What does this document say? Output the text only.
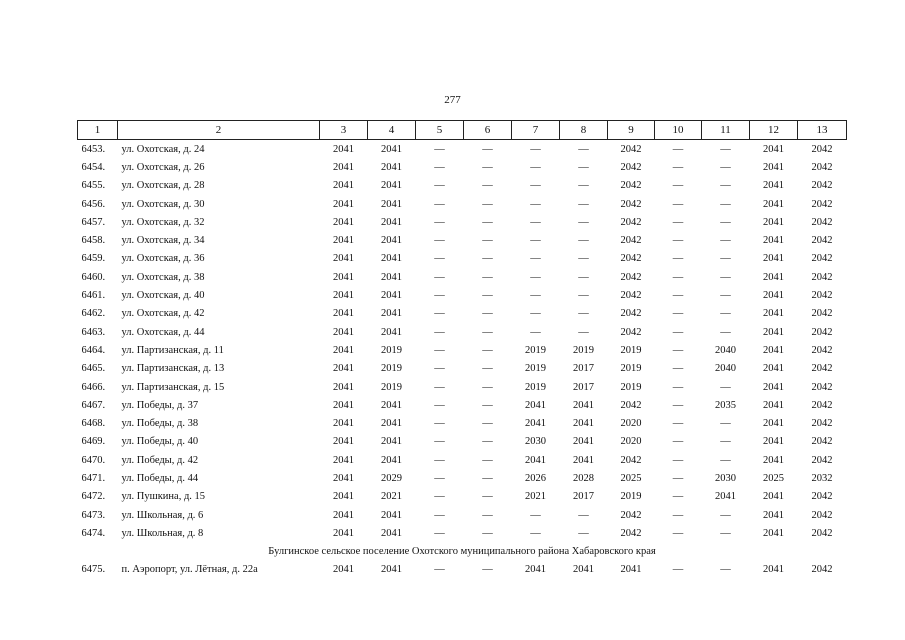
277
1	2	3	4	5	6	7	8	9	10	11	12	13
6453.	ул. Охотская, д. 24	2041	2041	—	—	—	—	2042	—	—	2041	2042
6454.	ул. Охотская, д. 26	2041	2041	—	—	—	—	2042	—	—	2041	2042
6455.	ул. Охотская, д. 28	2041	2041	—	—	—	—	2042	—	—	2041	2042
6456.	ул. Охотская, д. 30	2041	2041	—	—	—	—	2042	—	—	2041	2042
6457.	ул. Охотская, д. 32	2041	2041	—	—	—	—	2042	—	—	2041	2042
6458.	ул. Охотская, д. 34	2041	2041	—	—	—	—	2042	—	—	2041	2042
6459.	ул. Охотская, д. 36	2041	2041	—	—	—	—	2042	—	—	2041	2042
6460.	ул. Охотская, д. 38	2041	2041	—	—	—	—	2042	—	—	2041	2042
6461.	ул. Охотская, д. 40	2041	2041	—	—	—	—	2042	—	—	2041	2042
6462.	ул. Охотская, д. 42	2041	2041	—	—	—	—	2042	—	—	2041	2042
6463.	ул. Охотская, д. 44	2041	2041	—	—	—	—	2042	—	—	2041	2042
6464.	ул. Партизанская, д. 11	2041	2019	—	—	2019	2019	2019	—	2040	2041	2042
6465.	ул. Партизанская, д. 13	2041	2019	—	—	2019	2017	2019	—	2040	2041	2042
6466.	ул. Партизанская, д. 15	2041	2019	—	—	2019	2017	2019	—	—	2041	2042
6467.	ул. Победы, д. 37	2041	2041	—	—	2041	2041	2042	—	2035	2041	2042
6468.	ул. Победы, д. 38	2041	2041	—	—	2041	2041	2020	—	—	2041	2042
6469.	ул. Победы, д. 40	2041	2041	—	—	2030	2041	2020	—	—	2041	2042
6470.	ул. Победы, д. 42	2041	2041	—	—	2041	2041	2042	—	—	2041	2042
6471.	ул. Победы, д. 44	2041	2029	—	—	2026	2028	2025	—	2030	2025	2032
6472.	ул. Пушкина, д. 15	2041	2021	—	—	2021	2017	2019	—	2041	2041	2042
6473.	ул. Школьная, д. 6	2041	2041	—	—	—	—	2042	—	—	2041	2042
6474.	ул. Школьная, д. 8	2041	2041	—	—	—	—	2042	—	—	2041	2042
Булгинское сельское поселение Охотского муниципального района Хабаровского края												
6475.	п. Аэропорт, ул. Лётная, д. 22а	2041	2041	—	—	2041	2041	2041	—	—	2041	2042
